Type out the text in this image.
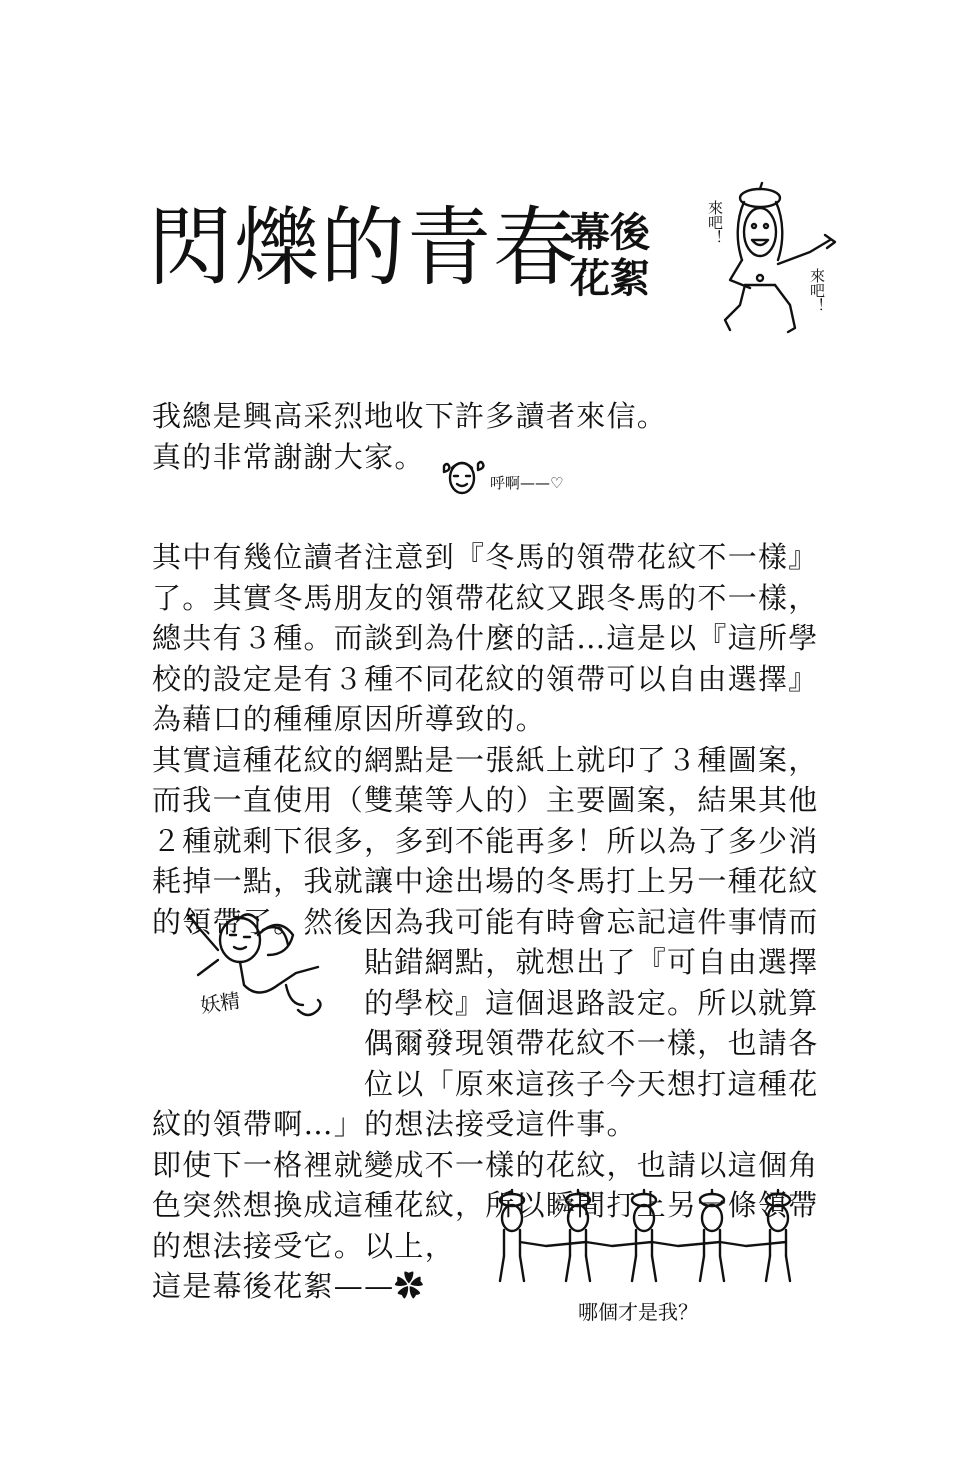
閃爍的青春
幕後
花絮
來吧！
來吧！
我總是興高采烈地收下許多讀者來信。
真的非常謝謝大家。
呼啊——♡
其中有幾位讀者注意到『冬馬的領帶花紋不一樣』
了。其實冬馬朋友的領帶花紋又跟冬馬的不一樣，
總共有３種。而談到為什麼的話…這是以『這所學
校的設定是有３種不同花紋的領帶可以自由選擇』
為藉口的種種原因所導致的。
其實這種花紋的網點是一張紙上就印了３種圖案，
而我一直使用（雙葉等人的）主要圖案，結果其他
２種就剩下很多，多到不能再多！所以為了多少消
耗掉一點，我就讓中途出場的冬馬打上另一種花紋
的領帶了。然後因為我可能有時會忘記這件事情而
貼錯網點，就想出了『可自由選擇
的學校』這個退路設定。所以就算
偶爾發現領帶花紋不一樣，也請各
位以「原來這孩子今天想打這種花
紋的領帶啊…」的想法接受這件事。
即使下一格裡就變成不一樣的花紋，也請以這個角
色突然想換成這種花紋，所以瞬間打上另一條領帶
的想法接受它。以上，
這是幕後花絮——✿
妖精
哪個才是我？
